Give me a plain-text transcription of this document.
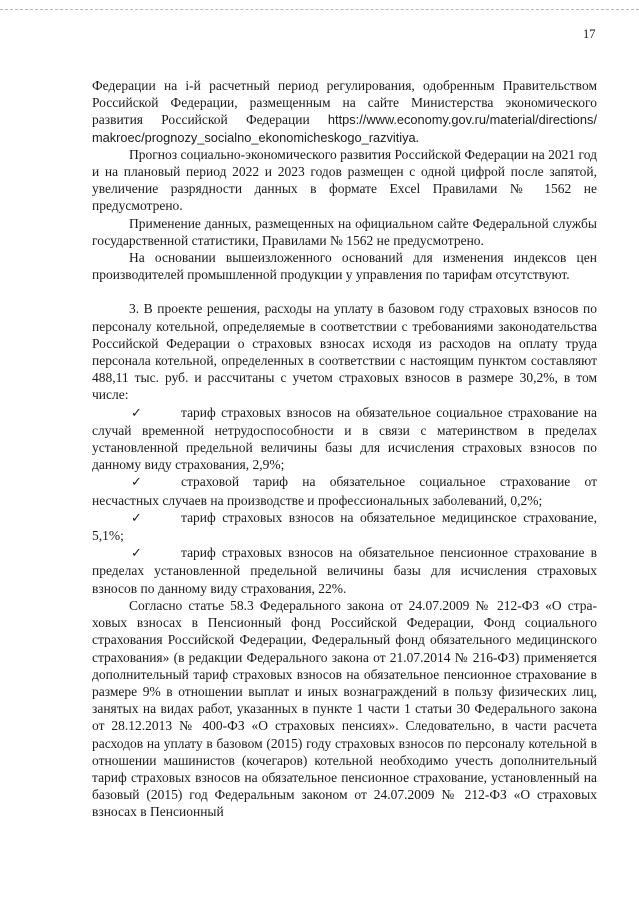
17

Федерации на i-й расчетный период регулирования, одобренным Правительством Российской Федерации, размещенным на сайте Министерства экономического развития Российской Федерации https://www.economy.gov.ru/material/directions/ makroec/prognozy_socialno_ekonomicheskogo_razvitiya.

Прогноз социально-экономического развития Российской Федерации на 2021 год и на плановый период 2022 и 2023 годов размещен с одной цифрой после запятой, увеличение разрядности данных в формате Excel Правилами № 1562 не предусмотрено.

Применение данных, размещенных на официальном сайте Федеральной службы государственной статистики, Правилами № 1562 не предусмотрено.

На основании вышеизложенного оснований для изменения индексов цен производителей промышленной продукции у управления по тарифам отсутствуют.

3. В проекте решения, расходы на уплату в базовом году страховых взносов по персоналу котельной, определяемые в соответствии с требованиями законодательства Российской Федерации о страховых взносах исходя из расходов на оплату труда персонала котельной, определенных в соответствии с настоящим пунктом составляют 488,11 тыс. руб. и рассчитаны с учетом страховых взносов в размере 30,2%, в том числе:

✓	тариф страховых взносов на обязательное социальное страхование на случай временной нетрудоспособности и в связи с материнством в пределах установленной предельной величины базы для исчисления страховых взносов по данному виду страхования, 2,9%;

✓	страховой тариф на обязательное социальное страхование от несчастных случаев на производстве и профессиональных заболеваний, 0,2%;

✓	тариф страховых взносов на обязательное медицинское страхование, 5,1%;

✓	тариф страховых взносов на обязательное пенсионное страхование в пределах установленной предельной величины базы для исчисления страховых взносов по данному виду страхования, 22%.

Согласно статье 58.3 Федерального закона от 24.07.2009 № 212-ФЗ «О страховых взносах в Пенсионный фонд Российской Федерации, Фонд социального страхования Российской Федерации, Федеральный фонд обязательного медицинского страхования» (в редакции Федерального закона от 21.07.2014 № 216-ФЗ) применяется дополнительный тариф страховых взносов на обязательное пенсионное страхование в размере 9% в отношении выплат и иных вознаграждений в пользу физических лиц, занятых на видах работ, указанных в пункте 1 части 1 статьи 30 Федерального закона от 28.12.2013 № 400-ФЗ «О страховых пенсиях». Следовательно, в части расчета расходов на уплату в базовом (2015) году страховых взносов по персоналу котельной в отношении машинистов (кочегаров) котельной необходимо учесть дополнительный тариф страховых взносов на обязательное пенсионное страхование, установленный на базовый (2015) год Федеральным законом от 24.07.2009 № 212-ФЗ «О страховых взносах в Пенсионный
